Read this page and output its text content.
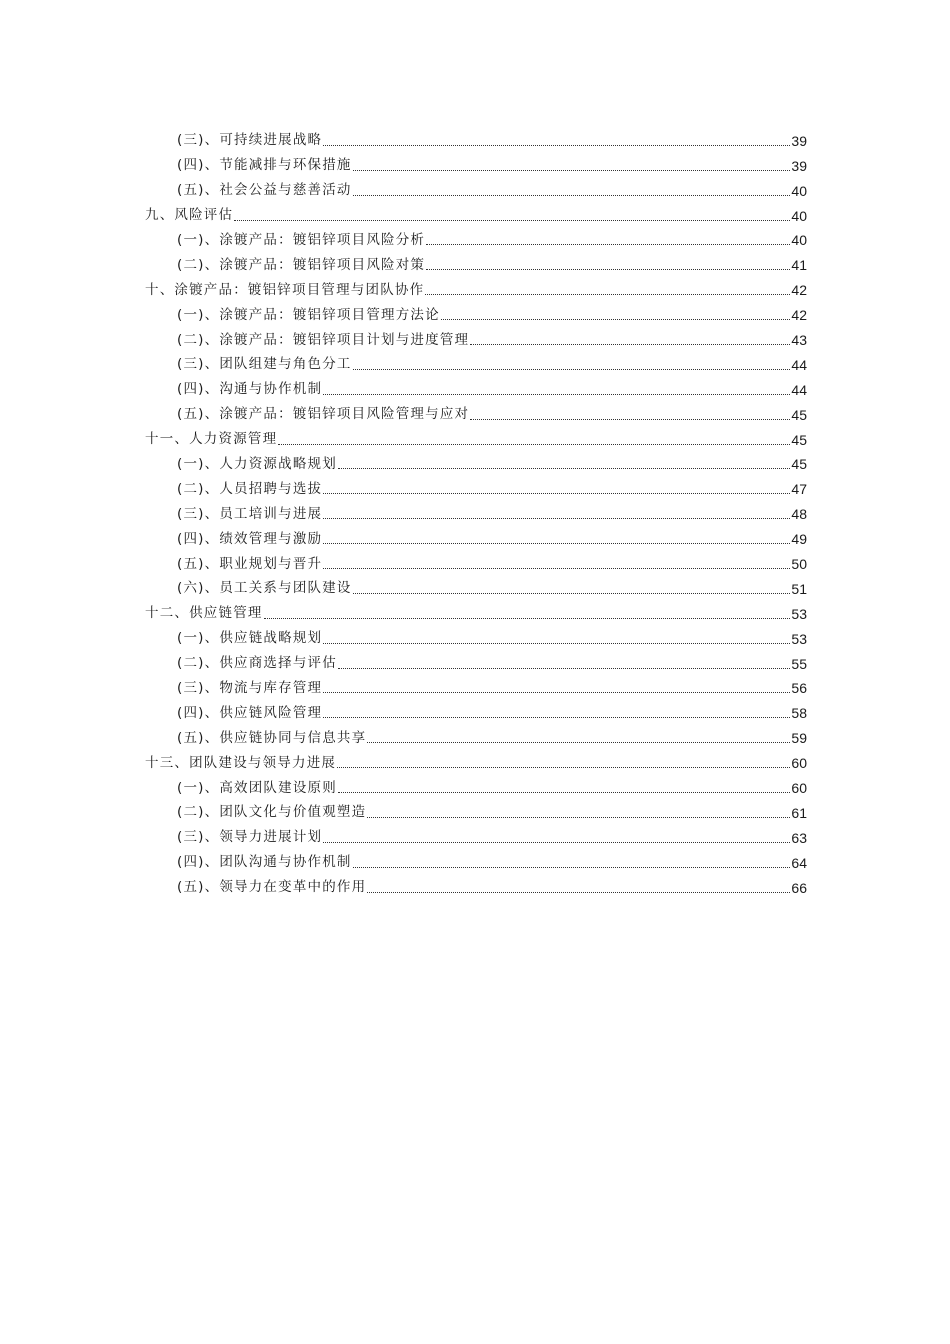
(三)、可持续进展战略	39
(四)、节能减排与环保措施	39
(五)、社会公益与慈善活动	40
九、风险评估	40
(一)、涂镀产品：镀铝锌项目风险分析	40
(二)、涂镀产品：镀铝锌项目风险对策	41
十、涂镀产品：镀铝锌项目管理与团队协作	42
(一)、涂镀产品：镀铝锌项目管理方法论	42
(二)、涂镀产品：镀铝锌项目计划与进度管理	43
(三)、团队组建与角色分工	44
(四)、沟通与协作机制	44
(五)、涂镀产品：镀铝锌项目风险管理与应对	45
十一、人力资源管理	45
(一)、人力资源战略规划	45
(二)、人员招聘与选拔	47
(三)、员工培训与进展	48
(四)、绩效管理与激励	49
(五)、职业规划与晋升	50
(六)、员工关系与团队建设	51
十二、供应链管理	53
(一)、供应链战略规划	53
(二)、供应商选择与评估	55
(三)、物流与库存管理	56
(四)、供应链风险管理	58
(五)、供应链协同与信息共享	59
十三、团队建设与领导力进展	60
(一)、高效团队建设原则	60
(二)、团队文化与价值观塑造	61
(三)、领导力进展计划	63
(四)、团队沟通与协作机制	64
(五)、领导力在变革中的作用	66
